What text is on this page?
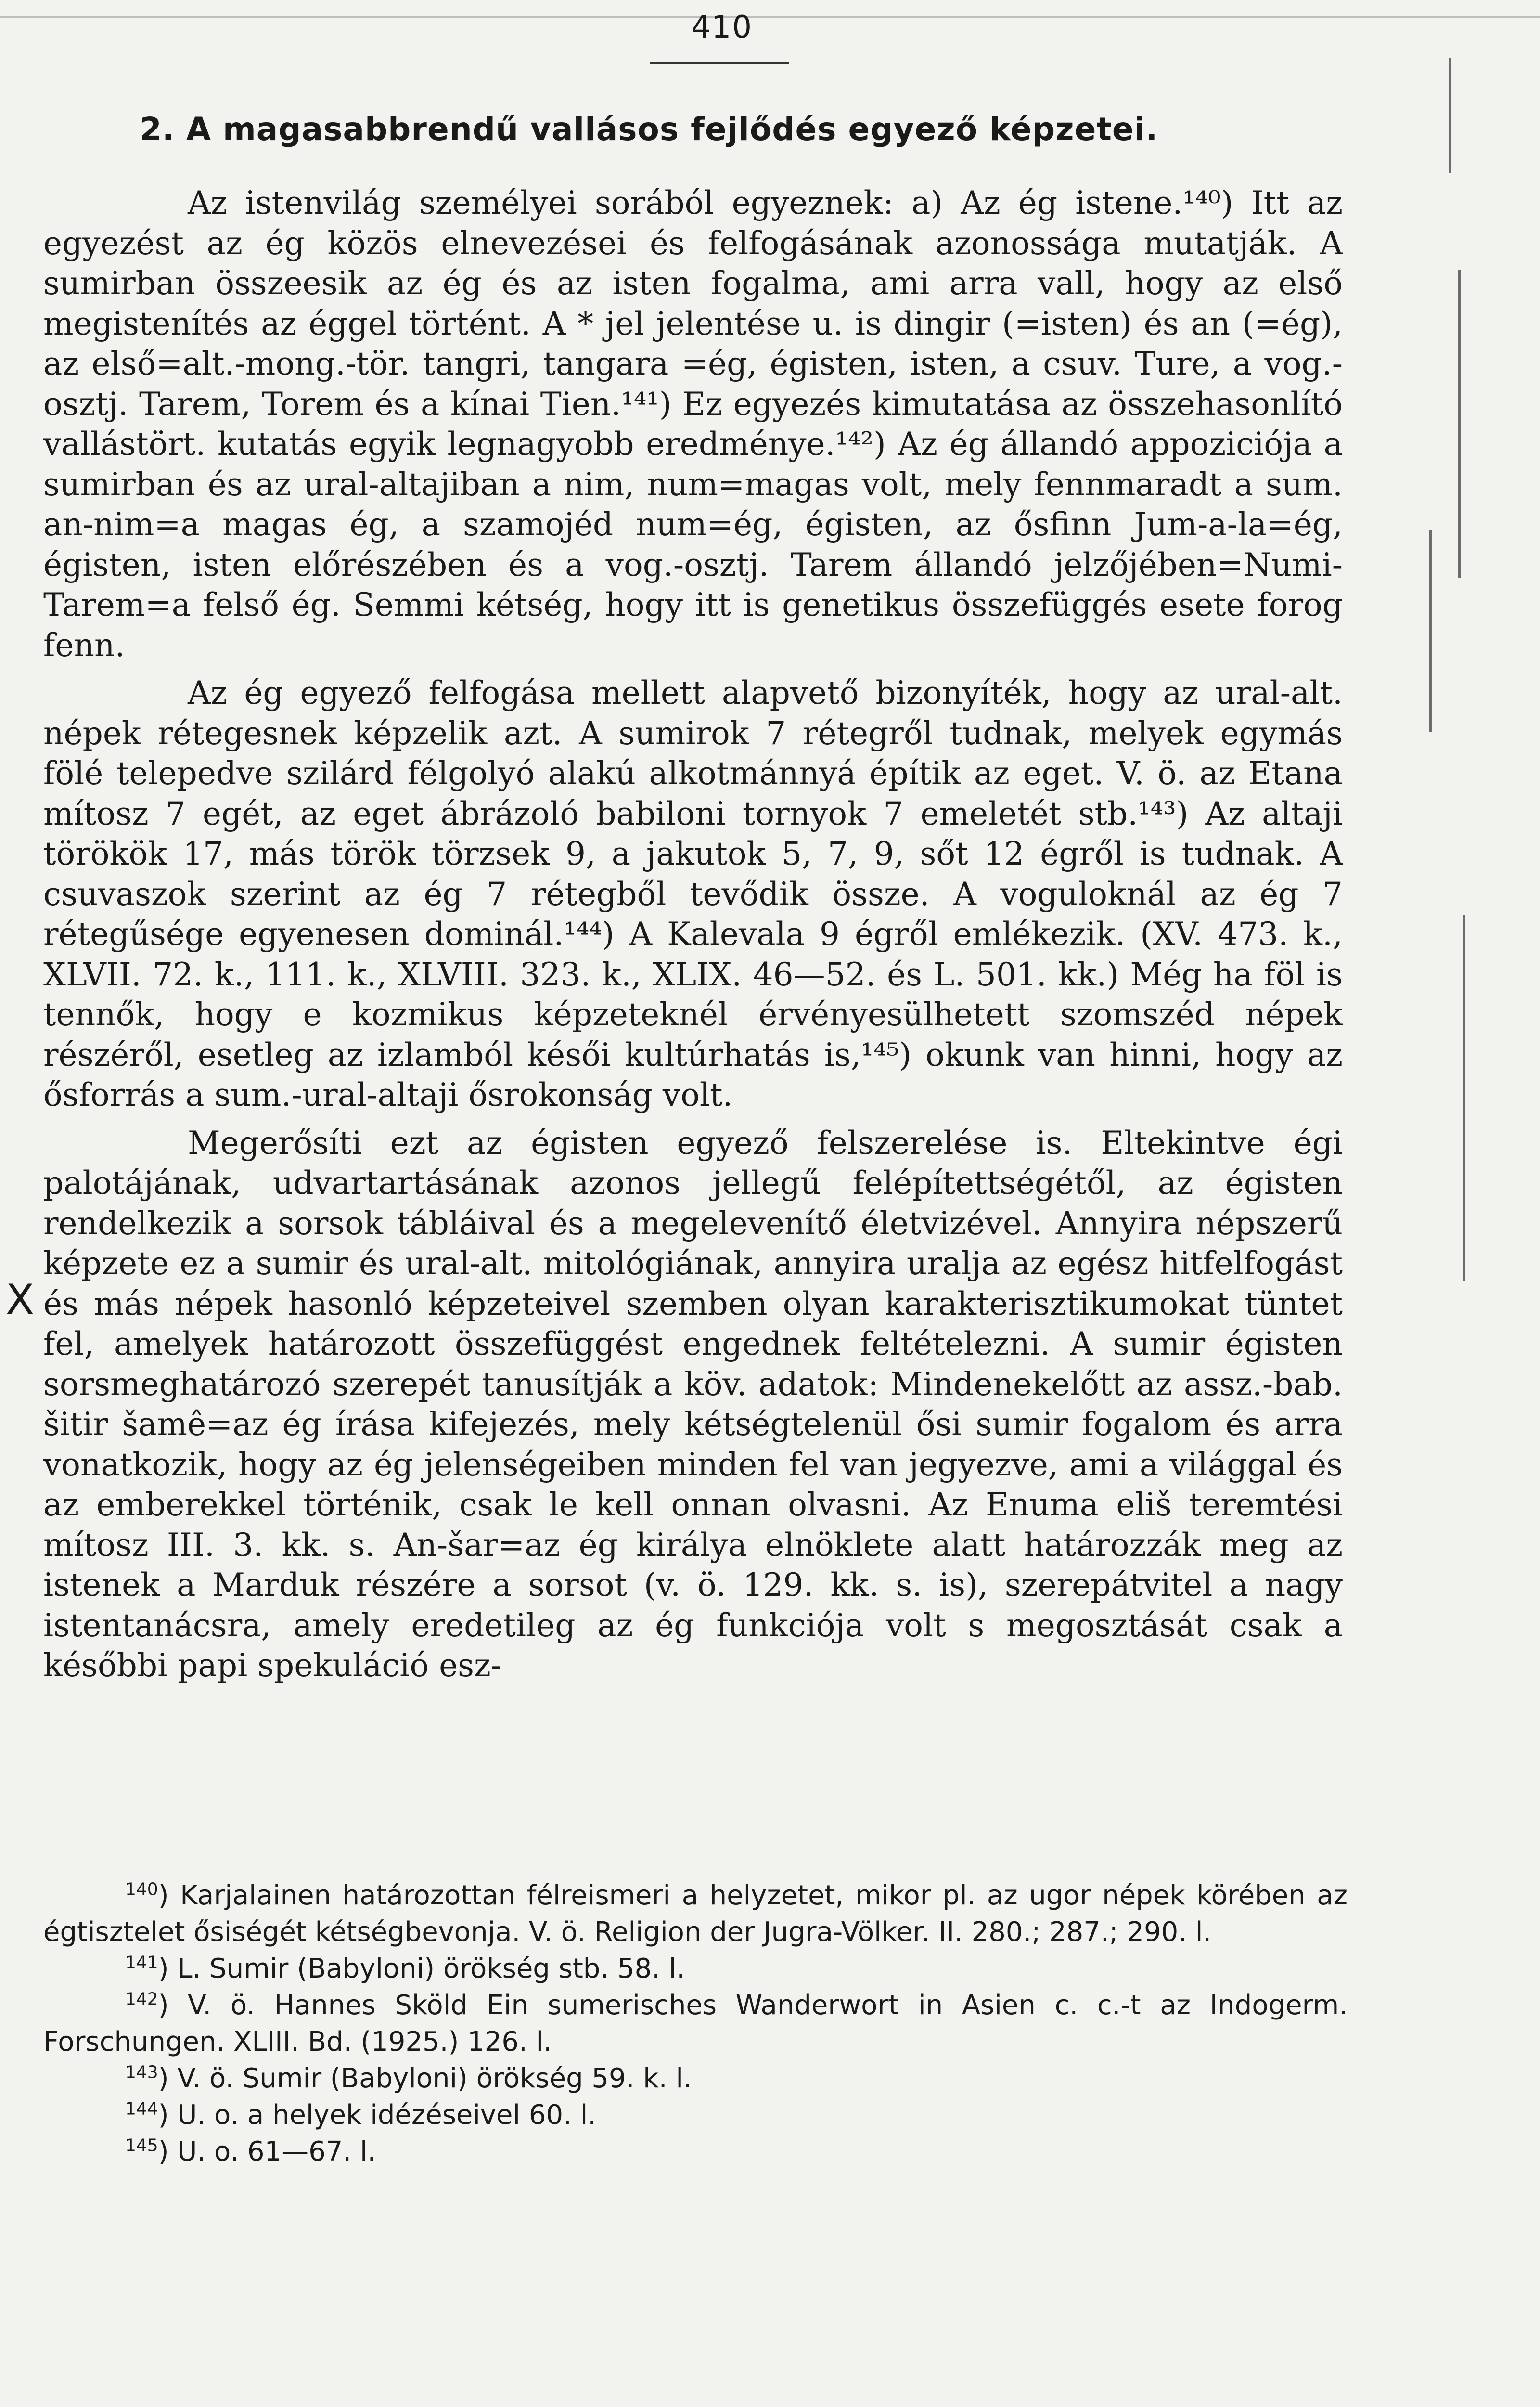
410
2. A magasabbrendű vallásos fejlődés egyező képzetei.

Az istenvilág személyei sorából egyeznek: a) Az ég istene.¹⁴⁰) Itt az egyezést az ég közös elnevezései és felfogásának azonossága mutatják. A sumirban összeesik az ég és az isten fogalma, ami arra vall, hogy az első megistenítés az éggel történt. A * jel jelentése u. is dingir (=isten) és an (=ég), az első=alt.-mong.-tör. tangri, tangara =ég, égisten, isten, a csuv. Ture, a vog.-osztj. Tarem, Torem és a kínai Tien.¹⁴¹) Ez egyezés kimutatása az összehasonlító vallástört. kutatás egyik legnagyobb eredménye.¹⁴²) Az ég állandó appoziciója a sumirban és az ural-altajiban a nim, num=magas volt, mely fennmaradt a sum. an-nim=a magas ég, a szamojéd num=ég, égisten, az ősfinn Jum-a-la=ég, égisten, isten előrészében és a vog.-osztj. Tarem állandó jelzőjében=Numi-Tarem=a felső ég. Semmi kétség, hogy itt is genetikus összefüggés esete forog fenn.

Az ég egyező felfogása mellett alapvető bizonyíték, hogy az ural-alt. népek rétegesnek képzelik azt. A sumirok 7 rétegről tudnak, melyek egymás fölé telepedve szilárd félgolyó alakú alkotmánnyá építik az eget. V. ö. az Etana mítosz 7 egét, az eget ábrázoló babiloni tornyok 7 emeletét stb.¹⁴³) Az altaji törökök 17, más török törzsek 9, a jakutok 5, 7, 9, sőt 12 égről is tudnak. A csuvaszok szerint az ég 7 rétegből tevődik össze. A voguloknál az ég 7 rétegűsége egyenesen dominál.¹⁴⁴) A Kalevala 9 égről emlékezik. (XV. 473. k., XLVII. 72. k., 111. k., XLVIII. 323. k., XLIX. 46—52. és L. 501. kk.) Még ha föl is tennők, hogy e kozmikus képzeteknél érvényesülhetett szomszéd népek részéről, esetleg az izlamból késői kultúrhatás is,¹⁴⁵) okunk van hinni, hogy az ősforrás a sum.-ural-altaji ősrokonság volt.

Megerősíti ezt az égisten egyező felszerelése is. Eltekintve égi palotájának, udvartartásának azonos jellegű felépítettségétől, az égisten rendelkezik a sorsok tábláival és a megelevenítő életvizével. Annyira népszerű képzete ez a sumir és ural-alt. mitológiának, annyira uralja az egész hitfelfogást és más népek hasonló képzeteivel szemben olyan karakterisztikumokat tüntet fel, amelyek határozott összefüggést engednek feltételezni. A sumir égisten sorsmeghatározó szerepét tanusítják a köv. adatok: Mindenekelőtt az assz.-bab. šitir šamê=az ég írása kifejezés, mely kétségtelenül ősi sumir fogalom és arra vonatkozik, hogy az ég jelenségeiben minden fel van jegyezve, ami a világgal és az emberekkel történik, csak le kell onnan olvasni. Az Enuma eliš teremtési mítosz III. 3. kk. s. An-šar=az ég királya elnöklete alatt határozzák meg az istenek a Marduk részére a sorsot (v. ö. 129. kk. s. is), szerepátvitel a nagy istentanácsra, amely eredetileg az ég funkciója volt s megosztását csak a későbbi papi spekuláció esz-

X

$^{140}$) Karjalainen határozottan félreismeri a helyzetet, mikor pl. az ugor népek körében az égtisztelet ősiségét kétségbevonja. V. ö. Religion der Jugra-Völker. II. 280.; 287.; 290. l.

$^{141}$) L. Sumir (Babyloni) örökség stb. 58. l.

$^{142}$) V. ö. Hannes Sköld Ein sumerisches Wanderwort in Asien c. c.-t az Indogerm. Forschungen. XLIII. Bd. (1925.) 126. l.

$^{143}$) V. ö. Sumir (Babyloni) örökség 59. k. l.

$^{144}$) U. o. a helyek idézéseivel 60. l.

$^{145}$) U. o. 61—67. l.
